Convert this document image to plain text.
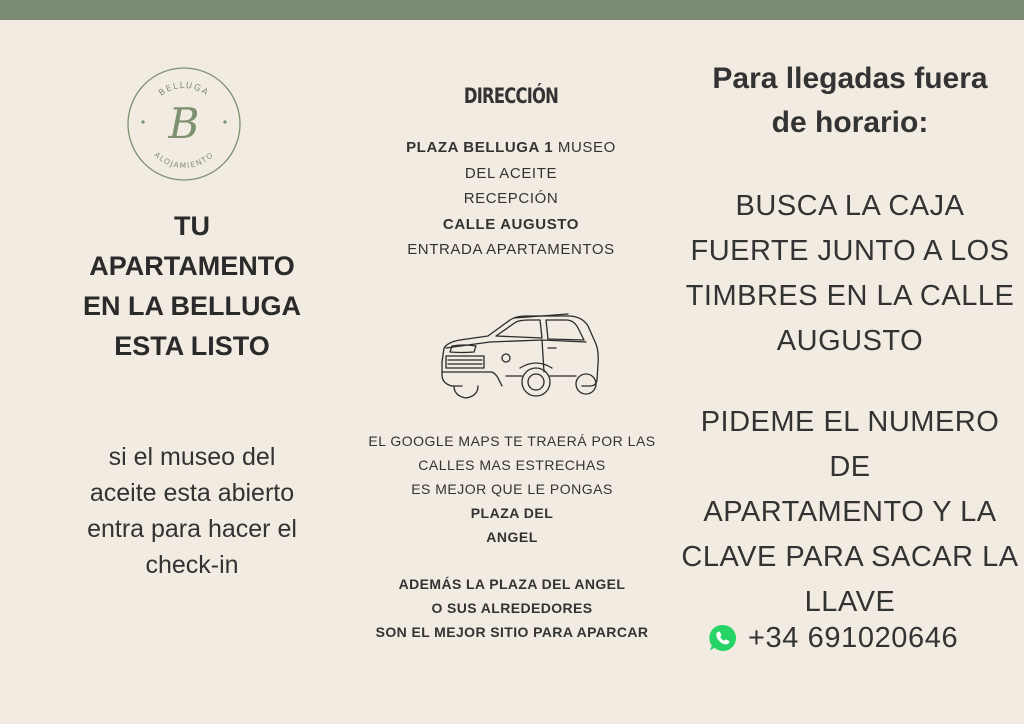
BELLUGA
ALOJAMIENTO
B
TU
APARTAMENTO
EN LA BELLUGA
ESTA LISTO
si el museo del
aceite esta abierto
entra para hacer el
check-in
DIRECCIÓN
PLAZA BELLUGA 1 MUSEO
DEL ACEITE
RECEPCIÓN
CALLE AUGUSTO
ENTRADA APARTAMENTOS
EL GOOGLE MAPS TE TRAERÁ POR LAS
CALLES MAS ESTRECHAS
ES MEJOR QUE LE PONGAS
PLAZA DEL
ANGEL
ADEMÁS LA PLAZA DEL ANGEL
O SUS ALREDEDORES
SON EL MEJOR SITIO PARA APARCAR
Para llegadas fuera
de horario:
BUSCA LA CAJA
FUERTE JUNTO A LOS
TIMBRES EN LA CALLE
AUGUSTO
PIDEME EL NUMERO DE
APARTAMENTO Y LA
CLAVE PARA SACAR LA
LLAVE
+34 691020646
